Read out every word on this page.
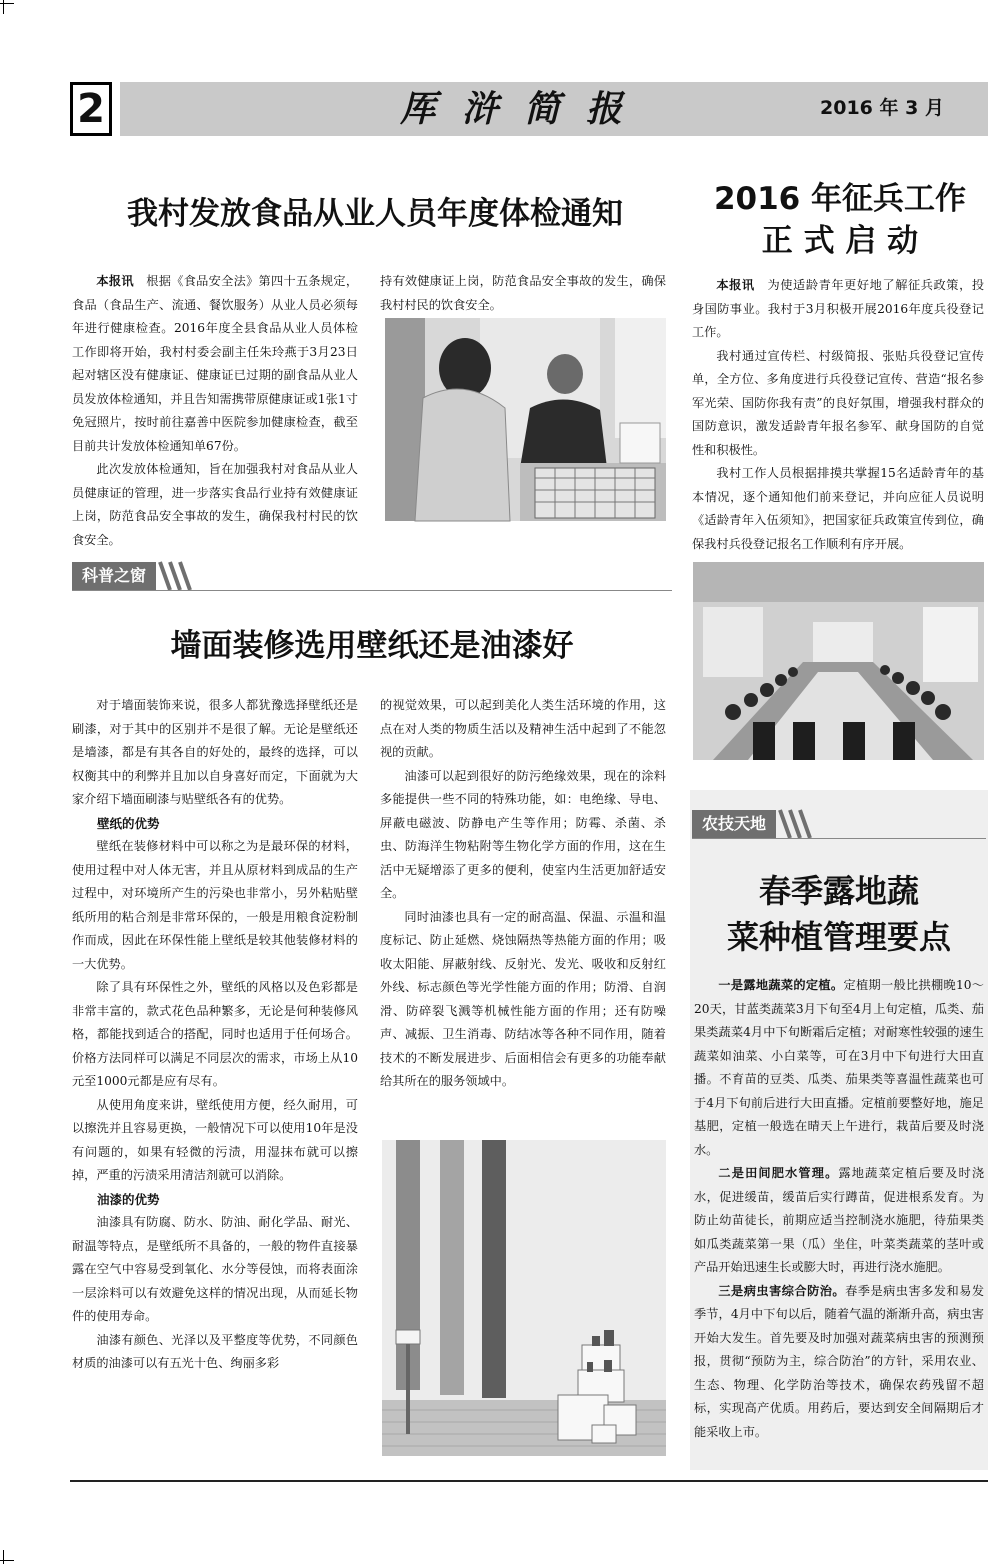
2	厍浒简报	2016 年 3 月
我村发放食品从业人员年度体检通知

本报讯　 根据《食品安全法》第四十五条规定，食品（食品生产、流通、餐饮服务）从业人员必须每年进行健康检查。2016年度全县食品从业人员体检工作即将开始，我村村委会副主任朱玲燕于3月23日起对辖区没有健康证、健康证已过期的副食品从业人员发放体检通知，并且告知需携带原健康证或1张1寸免冠照片，按时前往嘉善中医院参加健康检查，截至目前共计发放体检通知单67份。

此次发放体检通知，旨在加强我村对食品从业人员健康证的管理，进一步落实食品行业持有效健康证上岗，防范食品安全事故的发生，确保我村村民的饮食安全。

持有效健康证上岗，防范食品安全事故的发生，确保我村村民的饮食安全。

2016 年征兵工作
正 式 启 动

本报讯　 为使适龄青年更好地了解征兵政策，投身国防事业。我村于3月积极开展2016年度兵役登记工作。

我村通过宣传栏、村级简报、张贴兵役登记宣传单，全方位、多角度进行兵役登记宣传、营造“报名参军光荣、国防你我有责”的良好氛围，增强我村群众的国防意识，激发适龄青年报名参军、献身国防的自觉性和积极性。

我村工作人员根据排摸共掌握15名适龄青年的基本情况，逐个通知他们前来登记，并向应征人员说明《适龄青年入伍须知》，把国家征兵政策宣传到位，确保我村兵役登记报名工作顺利有序开展。

科普之窗
墙面装修选用壁纸还是油漆好

对于墙面装饰来说，很多人都犹豫选择壁纸还是刷漆，对于其中的区别并不是很了解。无论是壁纸还是墙漆，都是有其各自的好处的，最终的选择，可以权衡其中的利弊并且加以自身喜好而定，下面就为大家介绍下墙面刷漆与贴壁纸各有的优势。

壁纸的优势

壁纸在装修材料中可以称之为是最环保的材料，使用过程中对人体无害，并且从原材料到成品的生产过程中，对环境所产生的污染也非常小，另外粘贴壁纸所用的粘合剂是非常环保的，一般是用粮食淀粉制作而成，因此在环保性能上壁纸是较其他装修材料的一大优势。

除了具有环保性之外，壁纸的风格以及色彩都是非常丰富的，款式花色品种繁多，无论是何种装修风格，都能找到适合的搭配，同时也适用于任何场合。价格方法同样可以满足不同层次的需求，市场上从10元至1000元都是应有尽有。

从使用角度来讲，壁纸使用方便，经久耐用，可以擦洗并且容易更换，一般情况下可以使用10年是没有问题的，如果有轻微的污渍，用湿抹布就可以擦掉，严重的污渍采用清洁剂就可以消除。

油漆的优势

油漆具有防腐、防水、防油、耐化学品、耐光、耐温等特点，是壁纸所不具备的，一般的物件直接暴露在空气中容易受到氧化、水分等侵蚀，而将表面涂一层涂料可以有效避免这样的情况出现，从而延长物件的使用寿命。

油漆有颜色、光泽以及平整度等优势，不同颜色材质的油漆可以有五光十色、绚丽多彩

的视觉效果，可以起到美化人类生活环境的作用，这点在对人类的物质生活以及精神生活中起到了不能忽视的贡献。

油漆可以起到很好的防污绝缘效果，现在的涂料多能提供一些不同的特殊功能，如：电绝缘、导电、屏蔽电磁波、防静电产生等作用；防霉、杀菌、杀虫、防海洋生物粘附等生物化学方面的作用，这在生活中无疑增添了更多的便利，使室内生活更加舒适安全。

同时油漆也具有一定的耐高温、保温、示温和温度标记、防止延燃、烧蚀隔热等热能方面的作用；吸收太阳能、屏蔽射线、反射光、发光、吸收和反射红外线、标志颜色等光学性能方面的作用；防滑、自润滑、防碎裂飞溅等机械性能方面的作用；还有防噪声、减振、卫生消毒、防结冰等各种不同作用，随着技术的不断发展进步、后面相信会有更多的功能奉献给其所在的服务领域中。

农技天地
春季露地蔬
菜种植管理要点

一是露地蔬菜的定植。定植期一般比拱棚晚10～20天，甘蓝类蔬菜3月下旬至4月上旬定植，瓜类、茄果类蔬菜4月中下旬断霜后定植；对耐寒性较强的速生蔬菜如油菜、小白菜等，可在3月中下旬进行大田直播。不育苗的豆类、瓜类、茄果类等喜温性蔬菜也可于4月下旬前后进行大田直播。定植前要整好地，施足基肥，定植一般选在晴天上午进行，栽苗后要及时浇水。

二是田间肥水管理。露地蔬菜定植后要及时浇水，促进缓苗，缓苗后实行蹲苗，促进根系发育。为防止幼苗徒长，前期应适当控制浇水施肥，待茄果类如瓜类蔬菜第一果（瓜）坐住，叶菜类蔬菜的茎叶或产品开始迅速生长或膨大时，再进行浇水施肥。

三是病虫害综合防治。春季是病虫害多发和易发季节，4月中下旬以后，随着气温的渐渐升高，病虫害开始大发生。首先要及时加强对蔬菜病虫害的预测预报，贯彻“预防为主，综合防治”的方针，采用农业、生态、物理、化学防治等技术，确保农药残留不超标，实现高产优质。用药后，要达到安全间隔期后才能采收上市。
